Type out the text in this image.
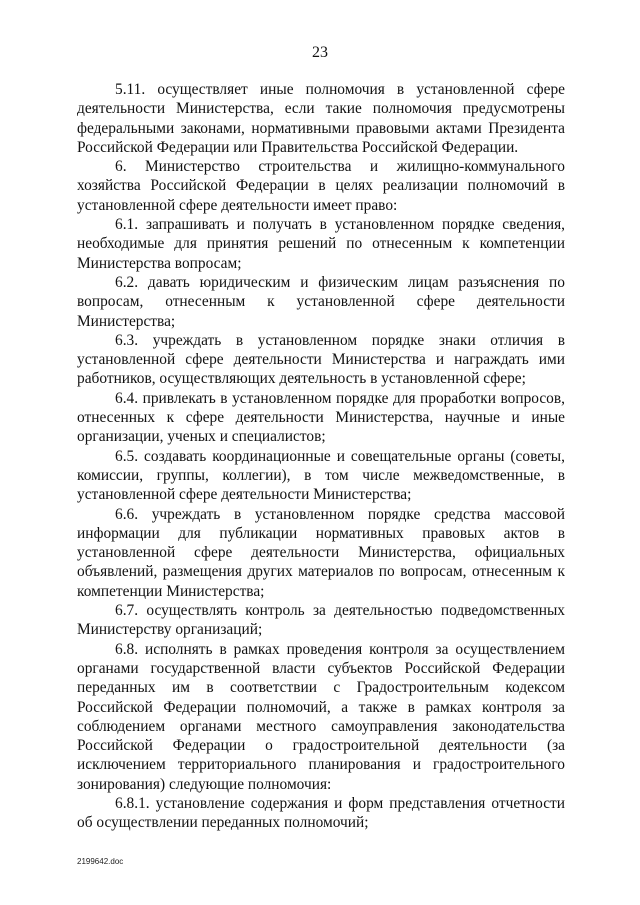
23

5.11. осуществляет иные полномочия в установленной сфере деятельности Министерства, если такие полномочия предусмотрены федеральными законами, нормативными правовыми актами Президента Российской Федерации или Правительства Российской Федерации.

6. Министерство строительства и жилищно-коммунального хозяйства Российской Федерации в целях реализации полномочий в установленной сфере деятельности имеет право:

6.1. запрашивать и получать в установленном порядке сведения, необходимые для принятия решений по отнесенным к компетенции Министерства вопросам;

6.2. давать юридическим и физическим лицам разъяснения по вопросам, отнесенным к установленной сфере деятельности Министерства;

6.3. учреждать в установленном порядке знаки отличия в установленной сфере деятельности Министерства и награждать ими работников, осуществляющих деятельность в установленной сфере;

6.4. привлекать в установленном порядке для проработки вопросов, отнесенных к сфере деятельности Министерства, научные и иные организации, ученых и специалистов;

6.5. создавать координационные и совещательные органы (советы, комиссии, группы, коллегии), в том числе межведомственные, в установленной сфере деятельности Министерства;

6.6. учреждать в установленном порядке средства массовой информации для публикации нормативных правовых актов в установленной сфере деятельности Министерства, официальных объявлений, размещения других материалов по вопросам, отнесенным к компетенции Министерства;

6.7. осуществлять контроль за деятельностью подведомственных Министерству организаций;

6.8. исполнять в рамках проведения контроля за осуществлением органами государственной власти субъектов Российской Федерации переданных им в соответствии с Градостроительным кодексом Российской Федерации полномочий, а также в рамках контроля за соблюдением органами местного самоуправления законодательства Российской Федерации о градостроительной деятельности (за исключением территориального планирования и градостроительного зонирования) следующие полномочия:

6.8.1. установление содержания и форм представления отчетности об осуществлении переданных полномочий;

2199642.doc
